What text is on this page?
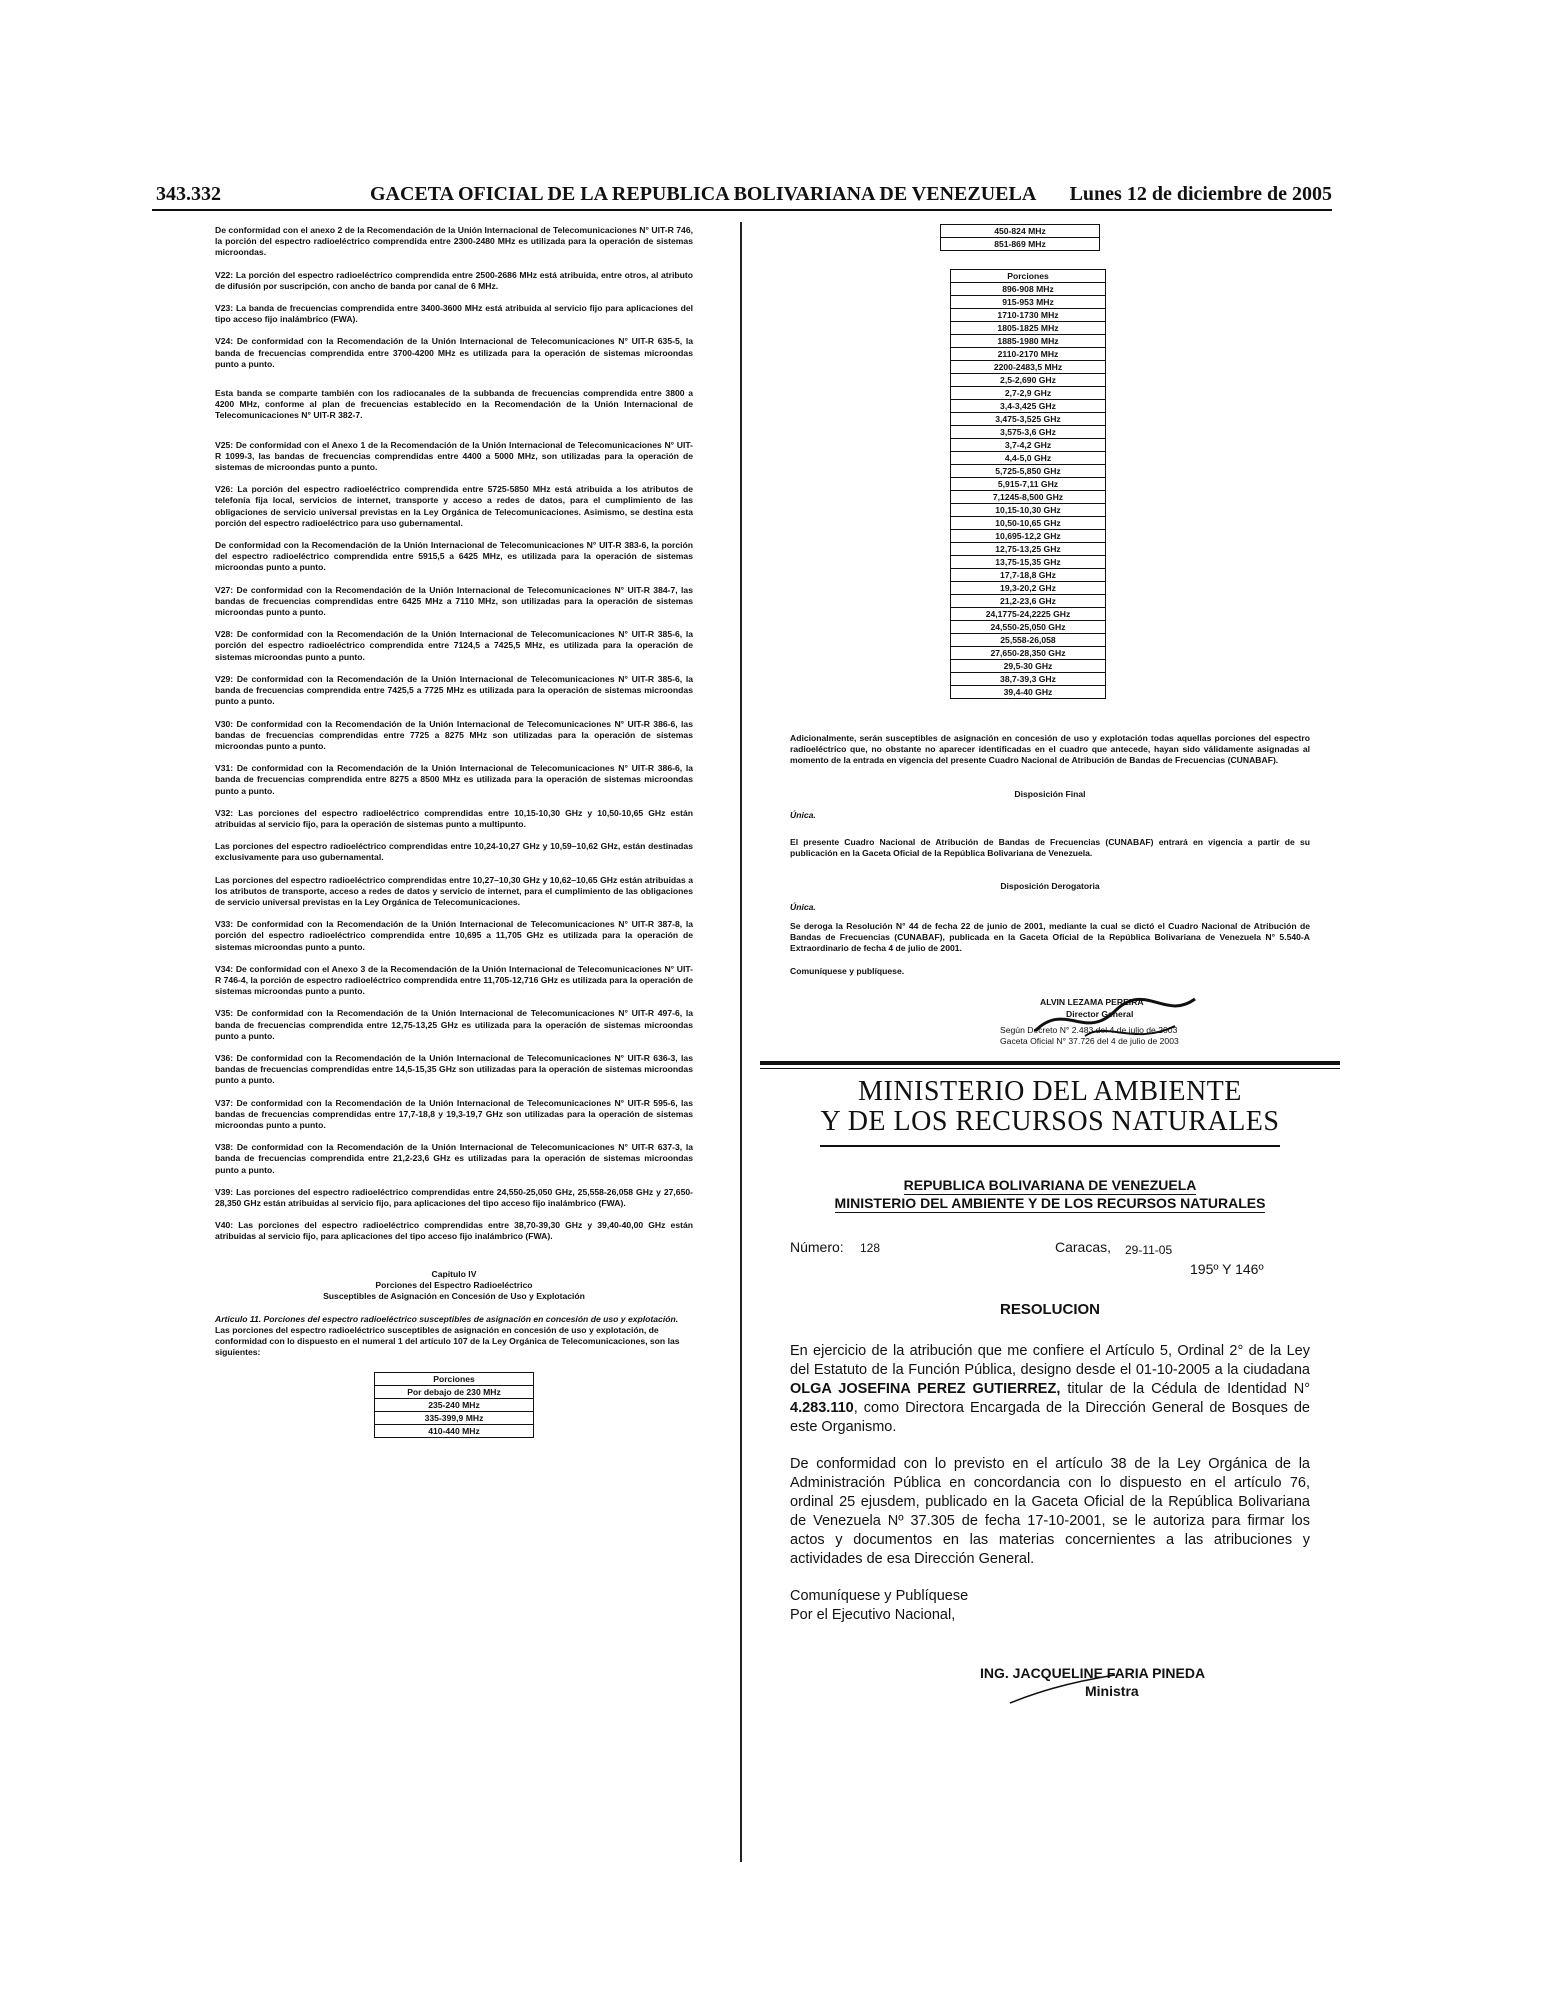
343.332	GACETA OFICIAL DE LA REPUBLICA BOLIVARIANA DE VENEZUELA Lunes 12 de diciembre de 2005

De conformidad con el anexo 2 de la Recomendación de la Unión Internacional de Telecomunicaciones N° UIT-R 746, la porción del espectro radioeléctrico comprendida entre 2300-2480 MHz es utilizada para la operación de sistemas microondas.

V22: La porción del espectro radioeléctrico comprendida entre 2500-2686 MHz está atribuida, entre otros, al atributo de difusión por suscripción, con ancho de banda por canal de 6 MHz.

V23: La banda de frecuencias comprendida entre 3400-3600 MHz está atribuida al servicio fijo para aplicaciones del tipo acceso fijo inalámbrico (FWA).

V24: De conformidad con la Recomendación de la Unión Internacional de Telecomunicaciones N° UIT-R 635-5, la banda de frecuencias comprendida entre 3700-4200 MHz es utilizada para la operación de sistemas microondas punto a punto.

Esta banda se comparte también con los radiocanales de la subbanda de frecuencias comprendida entre 3800 a 4200 MHz, conforme al plan de frecuencias establecido en la Recomendación de la Unión Internacional de Telecomunicaciones N° UIT-R 382-7.

V25: De conformidad con el Anexo 1 de la Recomendación de la Unión Internacional de Telecomunicaciones N° UIT-R 1099-3, las bandas de frecuencias comprendidas entre 4400 a 5000 MHz, son utilizadas para la operación de sistemas de microondas punto a punto.

V26: La porción del espectro radioeléctrico comprendida entre 5725-5850 MHz está atribuida a los atributos de telefonía fija local, servicios de internet, transporte y acceso a redes de datos, para el cumplimiento de las obligaciones de servicio universal previstas en la Ley Orgánica de Telecomunicaciones. Asimismo, se destina esta porción del espectro radioeléctrico para uso gubernamental.

De conformidad con la Recomendación de la Unión Internacional de Telecomunicaciones N° UIT-R 383-6, la porción del espectro radioeléctrico comprendida entre 5915,5 a 6425 MHz, es utilizada para la operación de sistemas microondas punto a punto.

V27: De conformidad con la Recomendación de la Unión Internacional de Telecomunicaciones N° UIT-R 384-7, las bandas de frecuencias comprendidas entre 6425 MHz a 7110 MHz, son utilizadas para la operación de sistemas microondas punto a punto.

V28: De conformidad con la Recomendación de la Unión Internacional de Telecomunicaciones N° UIT-R 385-6, la porción del espectro radioeléctrico comprendida entre 7124,5 a 7425,5 MHz, es utilizada para la operación de sistemas microondas punto a punto.

V29: De conformidad con la Recomendación de la Unión Internacional de Telecomunicaciones N° UIT-R 385-6, la banda de frecuencias comprendida entre 7425,5 a 7725 MHz es utilizada para la operación de sistemas microondas punto a punto.

V30: De conformidad con la Recomendación de la Unión Internacional de Telecomunicaciones N° UIT-R 386-6, las bandas de frecuencias comprendidas entre 7725 a 8275 MHz son utilizadas para la operación de sistemas microondas punto a punto.

V31: De conformidad con la Recomendación de la Unión Internacional de Telecomunicaciones N° UIT-R 386-6, la banda de frecuencias comprendida entre 8275 a 8500 MHz es utilizada para la operación de sistemas microondas punto a punto.

V32: Las porciones del espectro radioeléctrico comprendidas entre 10,15-10,30 GHz y 10,50-10,65 GHz están atribuidas al servicio fijo, para la operación de sistemas punto a multipunto.

Las porciones del espectro radioeléctrico comprendidas entre 10,24-10,27 GHz y 10,59–10,62 GHz, están destinadas exclusivamente para uso gubernamental.

Las porciones del espectro radioeléctrico comprendidas entre 10,27–10,30 GHz y 10,62–10,65 GHz están atribuidas a los atributos de transporte, acceso a redes de datos y servicio de internet, para el cumplimiento de las obligaciones de servicio universal previstas en la Ley Orgánica de Telecomunicaciones.

V33: De conformidad con la Recomendación de la Unión Internacional de Telecomunicaciones N° UIT-R 387-8, la porción del espectro radioeléctrico comprendida entre 10,695 a 11,705 GHz es utilizada para la operación de sistemas microondas punto a punto.

V34: De conformidad con el Anexo 3 de la Recomendación de la Unión Internacional de Telecomunicaciones N° UIT-R 746-4, la porción de espectro radioeléctrico comprendida entre 11,705-12,716 GHz es utilizada para la operación de sistemas microondas punto a punto.

V35: De conformidad con la Recomendación de la Unión Internacional de Telecomunicaciones N° UIT-R 497-6, la banda de frecuencias comprendida entre 12,75-13,25 GHz es utilizada para la operación de sistemas microondas punto a punto.

V36: De conformidad con la Recomendación de la Unión Internacional de Telecomunicaciones N° UIT-R 636-3, las bandas de frecuencias comprendidas entre 14,5-15,35 GHz son utilizadas para la operación de sistemas microondas punto a punto.

V37: De conformidad con la Recomendación de la Unión Internacional de Telecomunicaciones N° UIT-R 595-6, las bandas de frecuencias comprendidas entre 17,7-18,8 y 19,3-19,7 GHz son utilizadas para la operación de sistemas microondas punto a punto.

V38: De conformidad con la Recomendación de la Unión Internacional de Telecomunicaciones N° UIT-R 637-3, la banda de frecuencias comprendida entre 21,2-23,6 GHz es utilizadas para la operación de sistemas microondas punto a punto.

V39: Las porciones del espectro radioeléctrico comprendidas entre 24,550-25,050 GHz, 25,558-26,058 GHz y 27,650-28,350 GHz están atribuidas al servicio fijo, para aplicaciones del tipo acceso fijo inalámbrico (FWA).

V40: Las porciones del espectro radioeléctrico comprendidas entre 38,70-39,30 GHz y 39,40-40,00 GHz están atribuidas al servicio fijo, para aplicaciones del tipo acceso fijo inalámbrico (FWA).

Capitulo IV
Porciones del Espectro Radioeléctrico
Susceptibles de Asignación en Concesión de Uso y Explotación
Articulo 11. Porciones del espectro radioeléctrico susceptibles de asignación en concesión de uso y explotación.
Las porciones del espectro radioeléctrico susceptibles de asignación en concesión de uso y explotación, de conformidad con lo dispuesto en el numeral 1 del artículo 107 de la Ley Orgánica de Telecomunicaciones, son las siguientes:
Porciones
Por debajo de 230 MHz
235-240 MHz
335-399,9 MHz
410-440 MHz
450-824 MHz
851-869 MHz
Porciones
896-908 MHz
915-953 MHz
1710-1730 MHz
1805-1825 MHz
1885-1980 MHz
2110-2170 MHz
2200-2483,5 MHz
2,5-2,690 GHz
2,7-2,9 GHz
3,4-3,425 GHz
3,475-3,525 GHz
3,575-3,6 GHz
3,7-4,2 GHz
4,4-5,0 GHz
5,725-5,850 GHz
5,915-7,11 GHz
7,1245-8,500 GHz
10,15-10,30 GHz
10,50-10,65 GHz
10,695-12,2 GHz
12,75-13,25 GHz
13,75-15,35 GHz
17,7-18,8 GHz
19,3-20,2 GHz
21,2-23,6 GHz
24,1775-24,2225 GHz
24,550-25,050 GHz
25,558-26,058
27,650-28,350 GHz
29,5-30 GHz
38,7-39,3 GHz
39,4-40 GHz

Adicionalmente, serán susceptibles de asignación en concesión de uso y explotación todas aquellas porciones del espectro radioeléctrico que, no obstante no aparecer identificadas en el cuadro que antecede, hayan sido válidamente asignadas al momento de la entrada en vigencia del presente Cuadro Nacional de Atribución de Bandas de Frecuencias (CUNABAF).

Disposición Final
Única.

El presente Cuadro Nacional de Atribución de Bandas de Frecuencias (CUNABAF) entrará en vigencia a partir de su publicación en la Gaceta Oficial de la República Bolivariana de Venezuela.

Disposición Derogatoria
Única.

Se deroga la Resolución N° 44 de fecha 22 de junio de 2001, mediante la cual se dictó el Cuadro Nacional de Atribución de Bandas de Frecuencias (CUNABAF), publicada en la Gaceta Oficial de la República Bolivariana de Venezuela N° 5.540-A Extraordinario de fecha 4 de julio de 2001.

Comuníquese y publíquese.
ALVIN LEZAMA PEREIRA
Director General
Según Decreto N° 2.483 del 4 de julio de 2003
Gaceta Oficial N° 37.726 del 4 de julio de 2003
MINISTERIO DEL AMBIENTE
Y DE LOS RECURSOS NATURALES
REPUBLICA BOLIVARIANA DE VENEZUELA
MINISTERIO DEL AMBIENTE Y DE LOS RECURSOS NATURALES
Número: 128	Caracas, 29-11-05
195º Y 146º
RESOLUCION

En ejercicio de la atribución que me confiere el Artículo 5, Ordinal 2° de la Ley del Estatuto de la Función Pública, designo desde el 01-10-2005 a la ciudadana OLGA JOSEFINA PEREZ GUTIERREZ, titular de la Cédula de Identidad N° 4.283.110, como Directora Encargada de la Dirección General de Bosques de este Organismo.

De conformidad con lo previsto en el artículo 38 de la Ley Orgánica de la Administración Pública en concordancia con lo dispuesto en el artículo 76, ordinal 25 ejusdem, publicado en la Gaceta Oficial de la República Bolivariana de Venezuela Nº 37.305 de fecha 17-10-2001, se le autoriza para firmar los actos y documentos en las materias concernientes a las atribuciones y actividades de esa Dirección General.

Comuníquese y Publíquese
Por el Ejecutivo Nacional,

ING. JACQUELINE FARIA PINEDA
Ministra
